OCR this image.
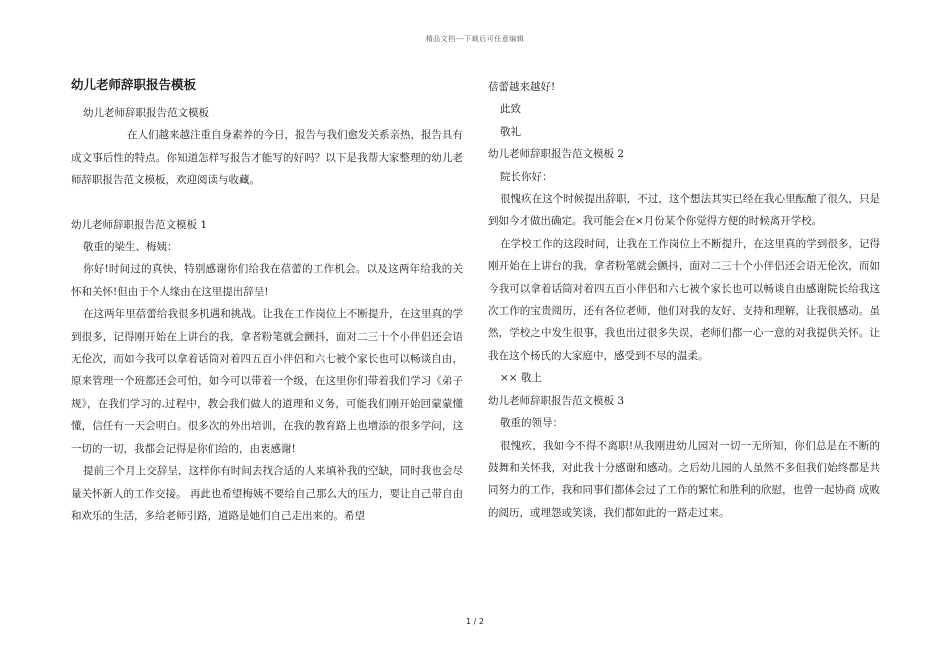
精品文档---下载后可任意编辑
幼儿老师辞职报告模板

幼儿老师辞职报告范文模板

在人们越来越注重自身素养的今日，报告与我们愈发关系亲热，报告具有成文事后性的特点。你知道怎样写报告才能写的好吗？以下是我帮大家整理的幼儿老师辞职报告范文模板，欢迎阅读与收藏。

幼儿老师辞职报告范文模板 1

敬重的梁生、梅姨：

你好!时间过的真快，特别感谢你们给我在蓓蕾的工作机会。以及这两年给我的关怀和关怀!但由于个人缘由在这里提出辞呈!

在这两年里蓓蕾给我很多机遇和挑战。让我在工作岗位上不断提升，在这里真的学到很多，记得刚开始在上讲台的我，拿者粉笔就会颤抖，面对二三十个小伴侣还会语无伦次，而如今我可以拿着话筒对着四五百小伴侣和六七被个家长也可以畅谈自由，原来管理一个班都还会可怕，如今可以带着一个级，在这里你们带着我们学习《弟子规》，在我们学习的.过程中，教会我们做人的道理和义务，可能我们刚开始回蒙蒙懂懂，信任有一天会明白。很多次的外出培训，在我的教育路上也增添的很多学问，这一切的一切，我都会记得是你们给的，由衷感谢!

提前三个月上交辞呈，这样你有时间去找合适的人来填补我的空缺，同时我也会尽量关怀新人的工作交接。 再此也希望梅姨不要给自己那么大的压力，要让自己带自由和欢乐的生活，多给老师引路，道路是她们自己走出来的。希望

蓓蕾越来越好!

此致

敬礼

幼儿老师辞职报告范文模板 2

院长你好：

很愧疚在这个时候提出辞职，不过，这个想法其实已经在我心里酝酿了很久，只是到如今才做出确定。我可能会在×月份某个你觉得方便的时候离开学校。

在学校工作的这段时间，让我在工作岗位上不断提升，在这里真的学到很多，记得刚开始在上讲台的我，拿者粉笔就会颤抖，面对二三十个小伴侣还会语无伦次，而如今我可以拿着话筒对着四五百小伴侣和六七被个家长也可以畅谈自由感谢院长给我这次工作的宝贵阅历，还有各位老师，他们对我的友好、支持和理解，让我很感动。虽然，学校之中发生很事，我也出过很多失误，老师们都一心一意的对我提供关怀。让我在这个杨氏的大家庭中，感受到不尽的温柔。

×× 敬上

幼儿老师辞职报告范文模板 3

敬重的领导：

很愧疚，我如今不得不离职!从我刚进幼儿园对一切一无所知，你们总是在不断的鼓舞和关怀我，对此我十分感谢和感动。之后幼儿园的人虽然不多但我们始终都是共同努力的工作，我和同事们都体会过了工作的繁忙和胜利的欣慰，也曾一起协商 成败的阅历，或埋怨或笑谈，我们都如此的一路走过来。

1 / 2
